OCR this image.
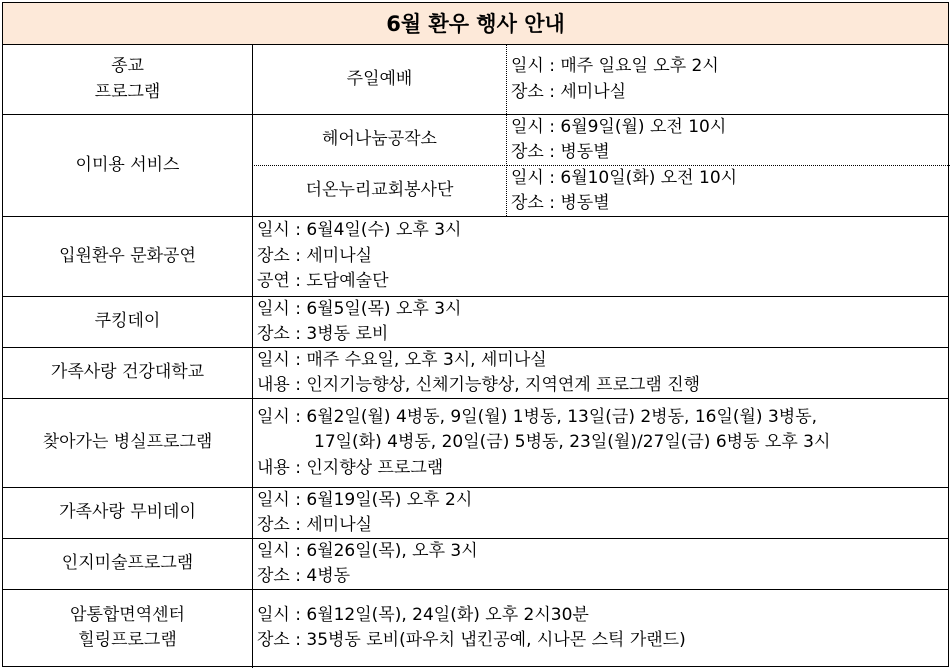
6월 환우 행사 안내
종교
프로그램
주일예배
일시 : 매주 일요일 오후 2시
장소 : 세미나실
이미용 서비스
헤어나눔공작소
일시 : 6월9일(월) 오전 10시
장소 : 병동별
더온누리교회봉사단
일시 : 6월10일(화) 오전 10시
장소 : 병동별
입원환우 문화공연
일시 : 6월4일(수) 오후 3시
장소 : 세미나실
공연 : 도담예술단
쿠킹데이
일시 : 6월5일(목) 오후 3시
장소 : 3병동 로비
가족사랑 건강대학교
일시 : 매주 수요일, 오후 3시, 세미나실
내용 : 인지기능향상, 신체기능향상, 지역연계 프로그램 진행
찾아가는 병실프로그램
일시 : 6월2일(월) 4병동, 9일(월) 1병동, 13일(금) 2병동, 16일(월) 3병동,
17일(화) 4병동, 20일(금) 5병동, 23일(월)/27일(금) 6병동 오후 3시
내용 : 인지향상 프로그램
가족사랑 무비데이
일시 : 6월19일(목) 오후 2시
장소 : 세미나실
인지미술프로그램
일시 : 6월26일(목), 오후 3시
장소 : 4병동
암통합면역센터
힐링프로그램
일시 : 6월12일(목), 24일(화) 오후 2시30분
장소 : 35병동 로비(파우치 냅킨공예, 시나몬 스틱 가랜드)
